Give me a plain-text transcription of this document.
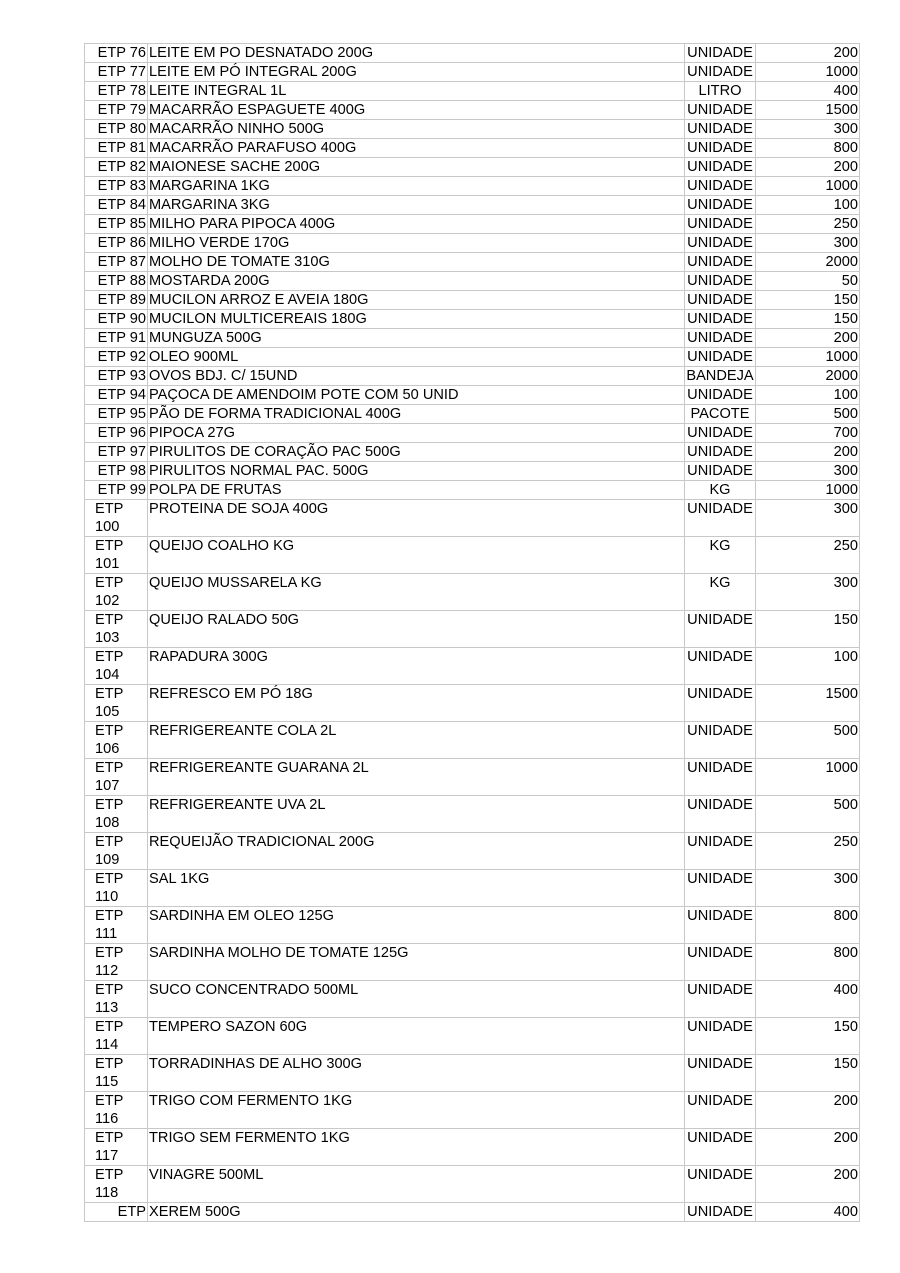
ETP 76	LEITE EM PO DESNATADO 200G	UNIDADE	200
ETP 77	LEITE EM PÓ INTEGRAL 200G	UNIDADE	1000
ETP 78	LEITE INTEGRAL 1L	LITRO	400
ETP 79	MACARRÃO ESPAGUETE 400G	UNIDADE	1500
ETP 80	MACARRÃO NINHO 500G	UNIDADE	300
ETP 81	MACARRÃO PARAFUSO 400G	UNIDADE	800
ETP 82	MAIONESE SACHE 200G	UNIDADE	200
ETP 83	MARGARINA 1KG	UNIDADE	1000
ETP 84	MARGARINA 3KG	UNIDADE	100
ETP 85	MILHO PARA PIPOCA 400G	UNIDADE	250
ETP 86	MILHO VERDE 170G	UNIDADE	300
ETP 87	MOLHO DE TOMATE 310G	UNIDADE	2000
ETP 88	MOSTARDA 200G	UNIDADE	50
ETP 89	MUCILON ARROZ E AVEIA 180G	UNIDADE	150
ETP 90	MUCILON MULTICEREAIS 180G	UNIDADE	150
ETP 91	MUNGUZA 500G	UNIDADE	200
ETP 92	OLEO 900ML	UNIDADE	1000
ETP 93	OVOS BDJ. C/ 15UND	BANDEJA	2000
ETP 94	PAÇOCA DE AMENDOIM POTE COM 50 UNID	UNIDADE	100
ETP 95	PÃO DE FORMA TRADICIONAL 400G	PACOTE	500
ETP 96	PIPOCA 27G	UNIDADE	700
ETP 97	PIRULITOS DE CORAÇÃO PAC 500G	UNIDADE	200
ETP 98	PIRULITOS NORMAL PAC. 500G	UNIDADE	300
ETP 99	POLPA DE FRUTAS	KG	1000
ETP 100	PROTEINA DE SOJA 400G	UNIDADE	300
ETP 101	QUEIJO COALHO KG	KG	250
ETP 102	QUEIJO MUSSARELA KG	KG	300
ETP 103	QUEIJO RALADO 50G	UNIDADE	150
ETP 104	RAPADURA 300G	UNIDADE	100
ETP 105	REFRESCO EM PÓ 18G	UNIDADE	1500
ETP 106	REFRIGEREANTE COLA 2L	UNIDADE	500
ETP 107	REFRIGEREANTE GUARANA 2L	UNIDADE	1000
ETP 108	REFRIGEREANTE UVA 2L	UNIDADE	500
ETP 109	REQUEIJÃO TRADICIONAL 200G	UNIDADE	250
ETP 110	SAL 1KG	UNIDADE	300
ETP 111	SARDINHA EM OLEO 125G	UNIDADE	800
ETP 112	SARDINHA MOLHO DE TOMATE 125G	UNIDADE	800
ETP 113	SUCO CONCENTRADO 500ML	UNIDADE	400
ETP 114	TEMPERO SAZON 60G	UNIDADE	150
ETP 115	TORRADINHAS DE ALHO 300G	UNIDADE	150
ETP 116	TRIGO COM FERMENTO 1KG	UNIDADE	200
ETP 117	TRIGO SEM FERMENTO 1KG	UNIDADE	200
ETP 118	VINAGRE 500ML	UNIDADE	200
ETP	XEREM 500G	UNIDADE	400
